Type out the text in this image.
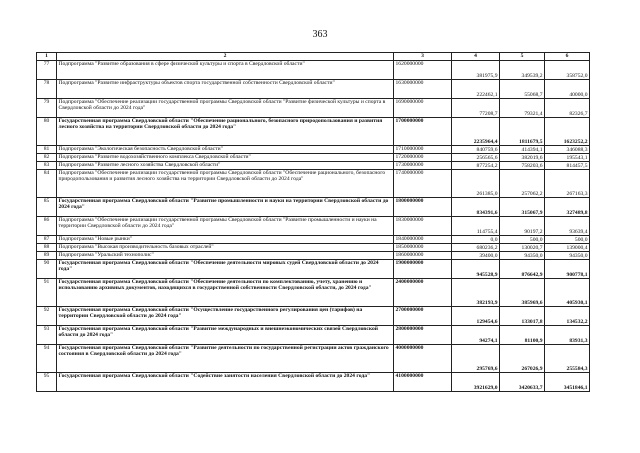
363
1	2	3	4	5	6
77	Подпрограмма "Развитие образования в сфере физической культуры и спорта в Свердловской области"	1620000000	381975,9	349539,2	358752,0
78	Подпрограмма "Развитие инфраструктуры объектов спорта государственной собственности Свердловской области"	1630000000	222462,1	55068,7	40000,0
79	Подпрограмма "Обеспечение реализации государственной программы Свердловской области "Развитие физической культуры и спорта в Свердловской области до 2024 года"	1690000000	77208,7	79321,4	82326,7
80	Государственная программа Свердловской области "Обеспечение рационального, безопасного природопользования и развития лесного хозяйства на территории Свердловской области до 2024 года"	1700000000	2235964,4	1811679,5	1623252,2
81	Подпрограмма "Экологическая безопасность Свердловской области"	1710000000	840759,6	414394,1	346088,3
82	Подпрограмма "Развитие водохозяйственного комплекса Свердловской области"	1720000000	256565,6	382019,6	195543,1
83	Подпрограмма "Развитие лесного хозяйства Свердловской области"	1730000000	877254,2	758203,6	814457,5
84	Подпрограмма "Обеспечение реализации государственной программы Свердловской области "Обеспечение рационального, безопасного природопользования и развития лесного хозяйства на территории Свердловской области до 2024 года"	1740000000	261385,0	257062,2	267163,3
85	Государственная программа Свердловской области "Развитие промышленности и науки на территории Свердловской области до 2024 года"	1800000000	834391,6	315067,9	327489,8
86	Подпрограмма "Обеспечение реализации государственной программы Свердловской области "Развитие промышленности и науки на территории Свердловской области до 2024 года"	1830000000	114755,4	90197,2	93639,4
87	Подпрограмма "Новые рынки"	1840000000	0,0	500,0	500,0
88	Подпрограмма "Высокая производительность базовых отраслей"	1850000000	680236,2	130020,7	139000,4
89	Подпрограмма "Уральский технополис"	1860000000	39400,0	94350,0	94350,0
90	Государственная программа Свердловской области "Обеспечение деятельности мировых судей Свердловской области до 2024 года"	1900000000	945528,9	876642,9	900778,1
91	Государственная программа Свердловской области "Обеспечение деятельности по комплектованию, учету, хранению и использованию архивных документов, находящихся в государственной собственности Свердловской области, до 2024 года"	2400000000	382193,9	385969,6	405930,1
92	Государственная программа Свердловской области "Осуществление государственного регулирования цен (тарифов) на территории Свердловской области до 2024 года"	2700000000	129454,6	133017,8	134532,2
93	Государственная программа Свердловской области "Развитие международных и внешнеэкономических связей Свердловской области до 2024 года"	2800000000	94274,1	81100,9	83931,3
94	Государственная программа Свердловской области "Развитие деятельности по государственной регистрации актов гражданского состояния в Свердловской области до 2024 года"	4000000000	295769,6	267026,9	255584,3
95	Государственная программа Свердловской области "Содействие занятости населения Свердловской области до 2024 года"	4100000000	3921629,0	3420633,7	3451846,1
